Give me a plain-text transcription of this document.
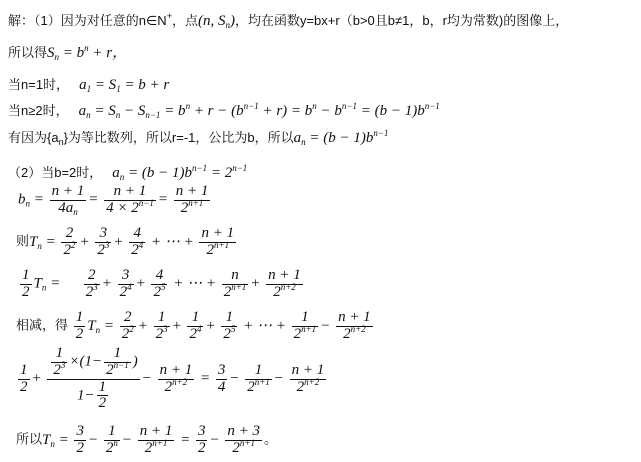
解：（1）因为对任意的n∈N+，点(n, $S_n$)，均在函数y=bx+r（b>0且b≠1，b，r均为常数)的图像上，
所以得$S_n = b^n + r$，
当n=1时， $a_1 = S_1 = b + r$
当n≥2时， $a_n = S_n - S_{n-1} = b^n + r - (b^{n-1} + r) = b^n - b^{n-1} = (b - 1)b^{n-1}$
有因为$\{a_n\}$为等比数列，所以r=-1，公比为b，所以$a_n = (b - 1)b^{n-1}$
（2）当b=2时， $a_n = (b - 1)b^{n-1} = 2^{n-1}$
$b_n = \frac{n + 1}{4a_n} = \frac{n + 1}{4 \times 2^{n-1}} = \frac{n + 1}{2^{n+1}}$
则$T_n = \frac{2}{2^2} + \frac{3}{2^3} + \frac{4}{2^4}$ + ⋯ + $\frac{n + 1}{2^{n+1}}$
$\frac{1}{2} T_n = \frac{2}{2^3} + \frac{3}{2^4} + \frac{4}{2^5}$ + ⋯ + $\frac{n}{2^{n+1}} + \frac{n + 1}{2^{n+2}}$
相减，得 $\frac{1}{2} T_n = \frac{2}{2^2} + \frac{1}{2^3} + \frac{1}{2^4} + \frac{1}{2^5}$ + ⋯ + $\frac{1}{2^{n+1}} - \frac{n + 1}{2^{n+2}}$
$\frac{1}{2} + \frac{\frac{1}{2^3} \times(1- \frac{1}{2^{n-1}} )}{1- \frac{1}{2}} - \frac{n + 1}{2^{n+2}} = \frac{3}{4} - \frac{1}{2^{n+1}} - \frac{n + 1}{2^{n+2}}$
所以$T_n = \frac{3}{2} - \frac{1}{2^n} - \frac{n + 1}{2^{n+1}} = \frac{3}{2} - \frac{n + 3}{2^{n+1}}$ 。
